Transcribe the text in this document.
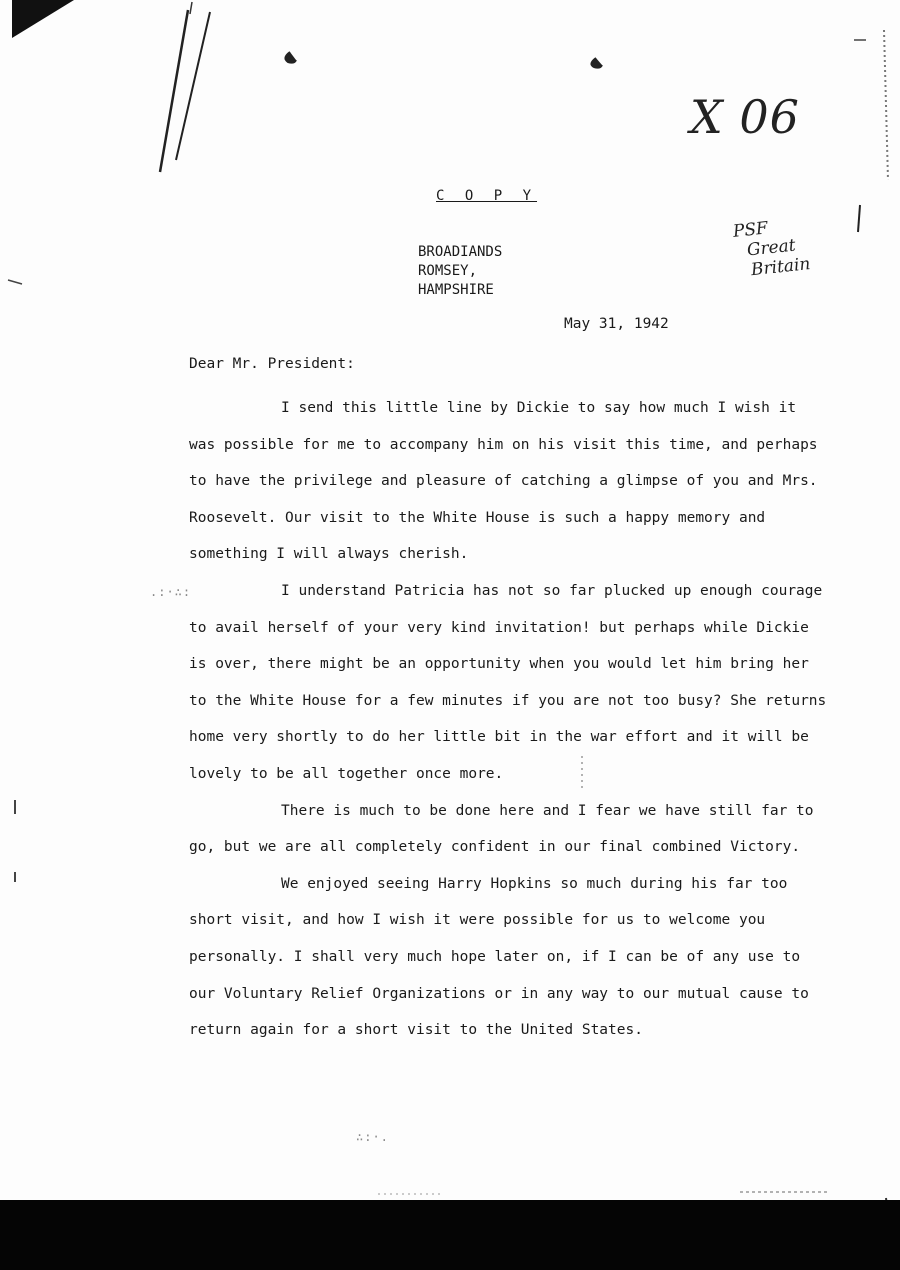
.:·∴:
∴:·.
C O P Y
X 06
PSF
Great
Britain
BROADIANDS
ROMSEY,
HAMPSHIRE
May 31, 1942
Dear Mr. President:

I send this little line by Dickie to say how much I wish it was possible for me to accompany him on his visit this time, and perhaps to have the privilege and pleasure of catching a glimpse of you and Mrs. Roosevelt. Our visit to the White House is such a happy memory and something I will always cherish.

I understand Patricia has not so far plucked up enough courage to avail herself of your very kind invitation! but perhaps while Dickie is over, there might be an opportunity when you would let him bring her to the White House for a few minutes if you are not too busy? She returns home very shortly to do her little bit in the war effort and it will be lovely to be all together once more.

There is much to be done here and I fear we have still far to go, but we are all completely confident in our final combined Victory.

We enjoyed seeing Harry Hopkins so much during his far too short visit, and how I wish it were possible for us to welcome you personally. I shall very much hope later on, if I can be of any use to our Voluntary Relief Organizations or in any way to our mutual cause to return again for a short visit to the United States.
